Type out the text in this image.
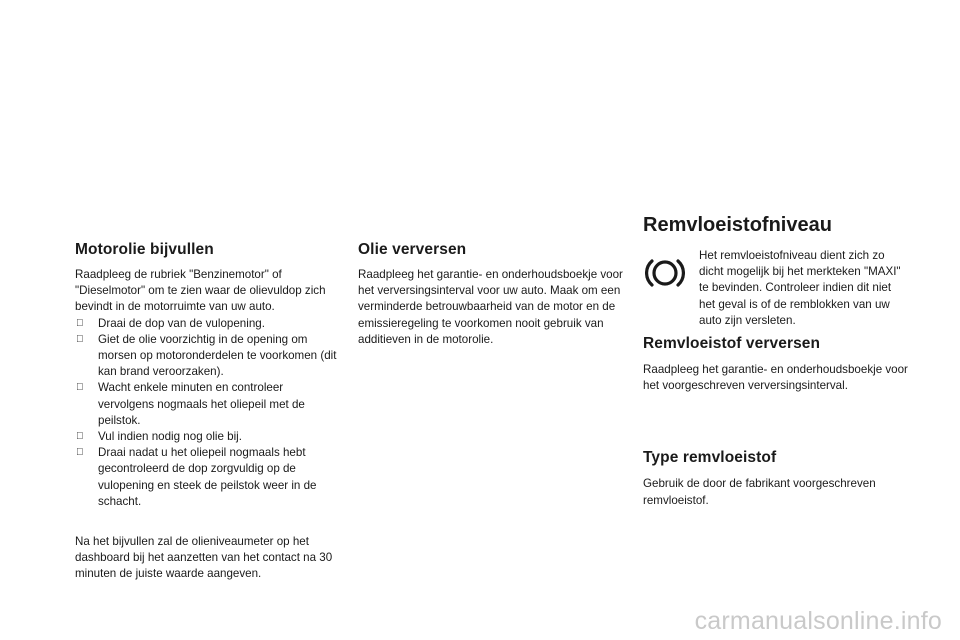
Motorolie bijvullen

Raadpleeg de rubriek "Benzinemotor" of "Dieselmotor" om te zien waar de olievuldop zich bevindt in de motorruimte van uw auto.

Draai de dop van de vulopening.
Giet de olie voorzichtig in de opening om morsen op motoronderdelen te voorkomen (dit kan brand veroorzaken).
Wacht enkele minuten en controleer vervolgens nogmaals het oliepeil met de peilstok.
Vul indien nodig nog olie bij.
Draai nadat u het oliepeil nogmaals hebt gecontroleerd de dop zorgvuldig op de vulopening en steek de peilstok weer in de schacht.

Na het bijvullen zal de olieniveaumeter op het dashboard bij het aanzetten van het contact na 30 minuten de juiste waarde aangeven.

Olie verversen

Raadpleeg het garantie- en onderhoudsboekje voor het verversingsinterval voor uw auto. Maak om een verminderde betrouwbaarheid van de motor en de emissieregeling te voorkomen nooit gebruik van additieven in de motorolie.

Remvloeistofniveau

Het remvloeistofniveau dient zich zo dicht mogelijk bij het merkteken "MAXI" te bevinden. Controleer indien dit niet het geval is of de remblokken van uw auto zijn versleten.

Remvloeistof verversen

Raadpleeg het garantie- en onderhoudsboekje voor het voorgeschreven verversingsinterval.

Type remvloeistof

Gebruik de door de fabrikant voorgeschreven remvloeistof.

carmanualsonline.info
